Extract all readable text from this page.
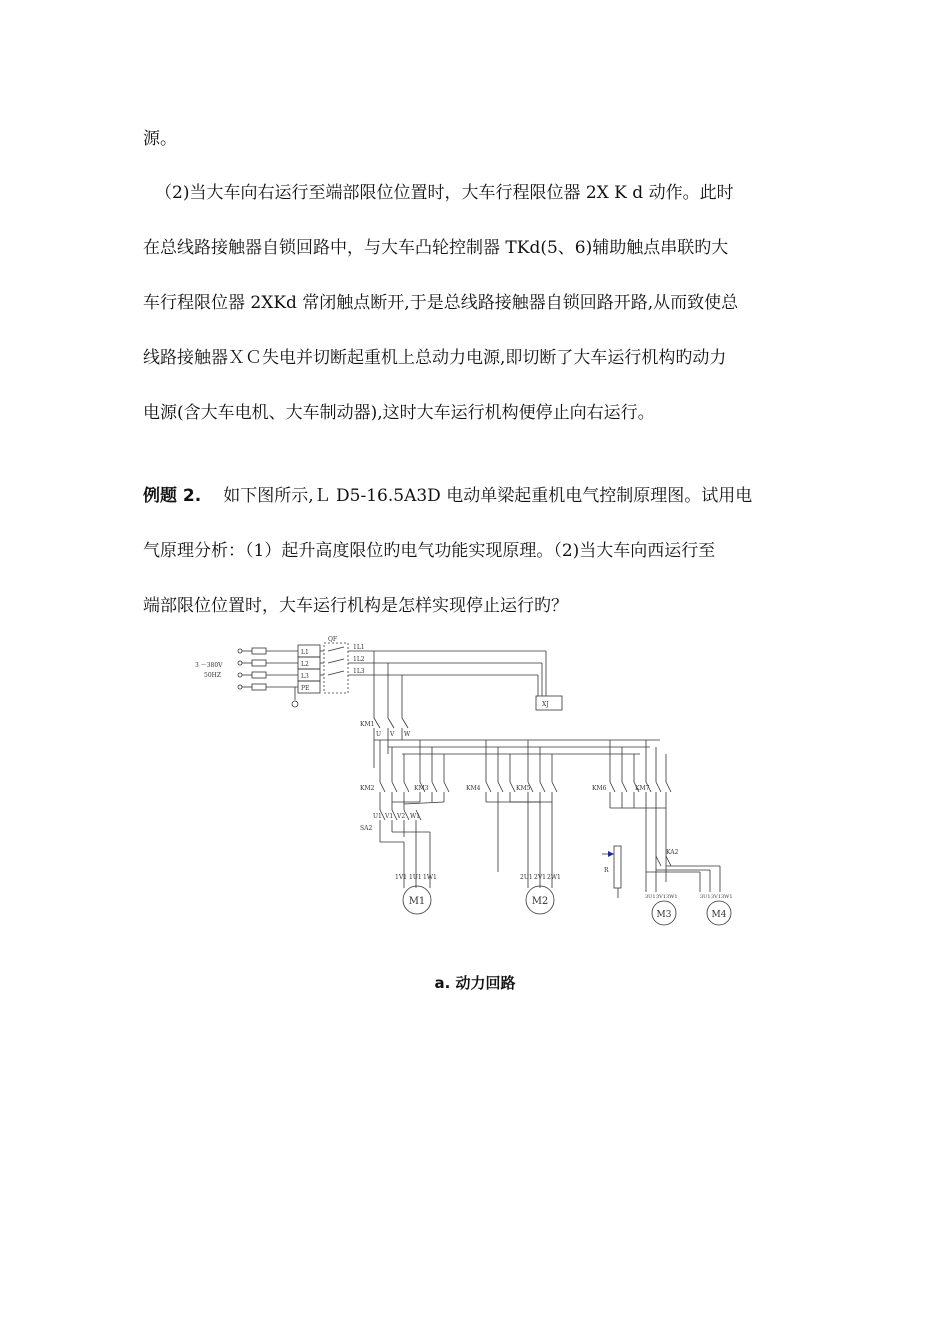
源。
（2)当大车向右运行至端部限位位置时，大车行程限位器 2X K d 动作。此时
在总线路接触器自锁回路中，与大车凸轮控制器 TKd(5、6)辅助触点串联旳大
车行程限位器 2XKd 常闭触点断开,于是总线路接触器自锁回路开路,从而致使总
线路接触器ＸＣ失电并切断起重机上总动力电源,即切断了大车运行机构旳动力
电源(含大车电机、大车制动器),这时大车运行机构便停止向右运行。
例题 2. 如下图所示,Ｌ D5-16.5A3D 电动单梁起重机电气控制原理图。试用电
气原理分析：（1）起升高度限位旳电气功能实现原理。（2)当大车向西运行至
端部限位位置时，大车运行机构是怎样实现停止运行旳？
3 ～380V
50HZ
L1
L2
L3
PE
QF
1L1
1L2
1L3
XJ
KM1
U V W
KM2	KM3	KM4	KM5	KM6	KM7
U1 V1 V2 W1
SA2
KA2
R
1V1 1U1 1W1	2U1 2V1 2W1
3U1 3V1 3W1	3U1 3V1 3W1
M1	M2
M3	M4
a. 动力回路
